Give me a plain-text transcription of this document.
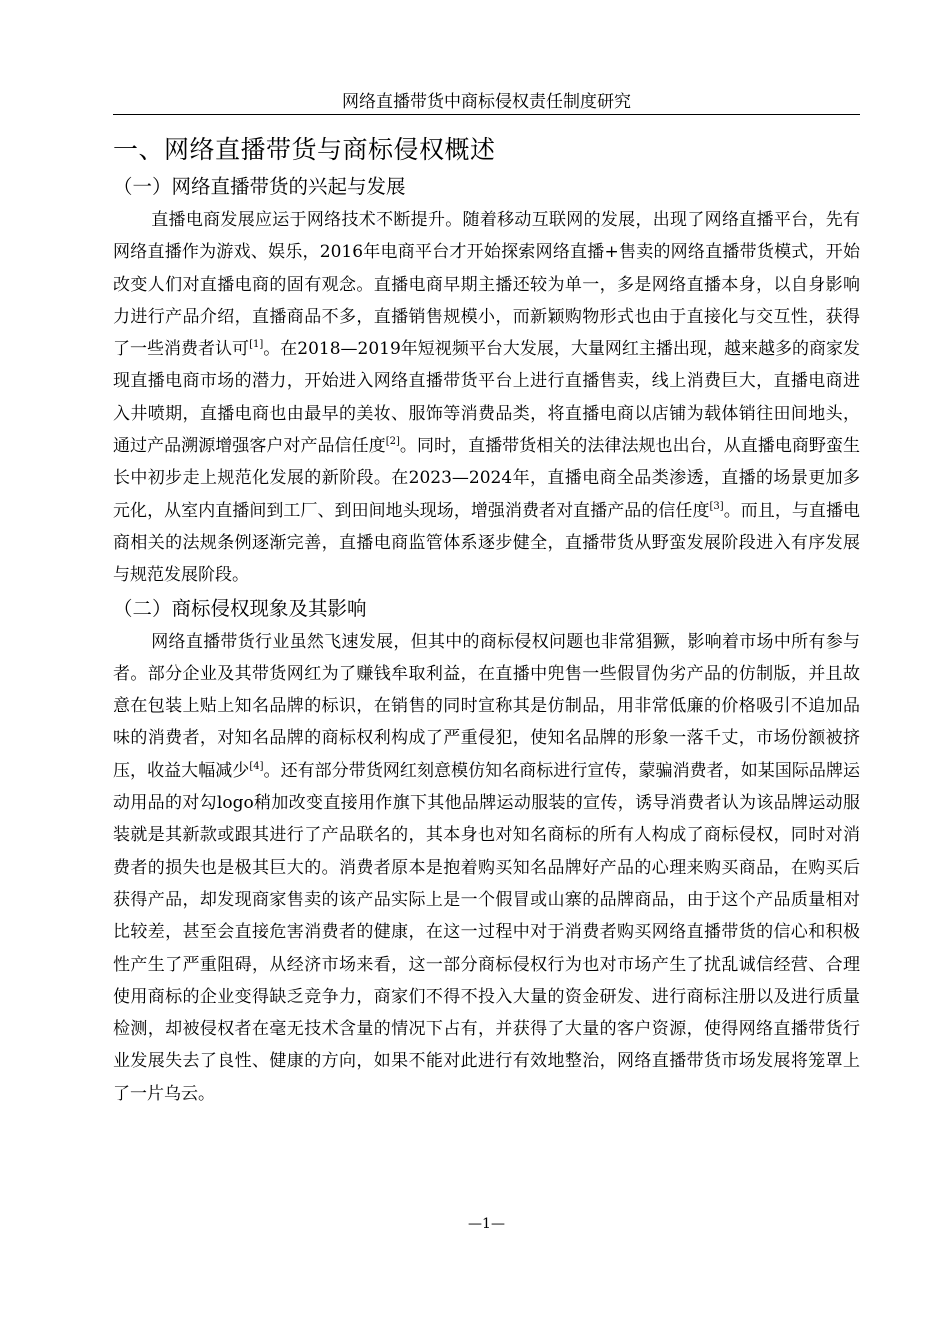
网络直播带货中商标侵权责任制度研究
一、网络直播带货与商标侵权概述
（一）网络直播带货的兴起与发展

直播电商发展应运于网络技术不断提升。随着移动互联网的发展，出现了网络直播平台，先有网络直播作为游戏、娱乐，2016年电商平台才开始探索网络直播+售卖的网络直播带货模式，开始改变人们对直播电商的固有观念。直播电商早期主播还较为单一，多是网络直播本身，以自身影响力进行产品介绍，直播商品不多，直播销售规模小，而新颖购物形式也由于直接化与交互性，获得了一些消费者认可[1]。在2018—2019年短视频平台大发展，大量网红主播出现，越来越多的商家发现直播电商市场的潜力，开始进入网络直播带货平台上进行直播售卖，线上消费巨大，直播电商进入井喷期，直播电商也由最早的美妆、服饰等消费品类，将直播电商以店铺为载体销往田间地头，通过产品溯源增强客户对产品信任度[2]。同时，直播带货相关的法律法规也出台，从直播电商野蛮生长中初步走上规范化发展的新阶段。在2023—2024年，直播电商全品类渗透，直播的场景更加多元化，从室内直播间到工厂、到田间地头现场，增强消费者对直播产品的信任度[3]。而且，与直播电商相关的法规条例逐渐完善，直播电商监管体系逐步健全，直播带货从野蛮发展阶段进入有序发展与规范发展阶段。

（二）商标侵权现象及其影响

网络直播带货行业虽然飞速发展，但其中的商标侵权问题也非常猖獗，影响着市场中所有参与者。部分企业及其带货网红为了赚钱牟取利益，在直播中兜售一些假冒伪劣产品的仿制版，并且故意在包装上贴上知名品牌的标识，在销售的同时宣称其是仿制品，用非常低廉的价格吸引不追加品味的消费者，对知名品牌的商标权利构成了严重侵犯，使知名品牌的形象一落千丈，市场份额被挤压，收益大幅减少[4]。还有部分带货网红刻意模仿知名商标进行宣传，蒙骗消费者，如某国际品牌运动用品的对勾logo稍加改变直接用作旗下其他品牌运动服装的宣传，诱导消费者认为该品牌运动服装就是其新款或跟其进行了产品联名的，其本身也对知名商标的所有人构成了商标侵权，同时对消费者的损失也是极其巨大的。消费者原本是抱着购买知名品牌好产品的心理来购买商品，在购买后获得产品，却发现商家售卖的该产品实际上是一个假冒或山寨的品牌商品，由于这个产品质量相对比较差，甚至会直接危害消费者的健康，在这一过程中对于消费者购买网络直播带货的信心和积极性产生了严重阻碍，从经济市场来看，这一部分商标侵权行为也对市场产生了扰乱诚信经营、合理使用商标的企业变得缺乏竞争力，商家们不得不投入大量的资金研发、进行商标注册以及进行质量检测，却被侵权者在毫无技术含量的情况下占有，并获得了大量的客户资源，使得网络直播带货行业发展失去了良性、健康的方向，如果不能对此进行有效地整治，网络直播带货市场发展将笼罩上了一片乌云。

—1—
